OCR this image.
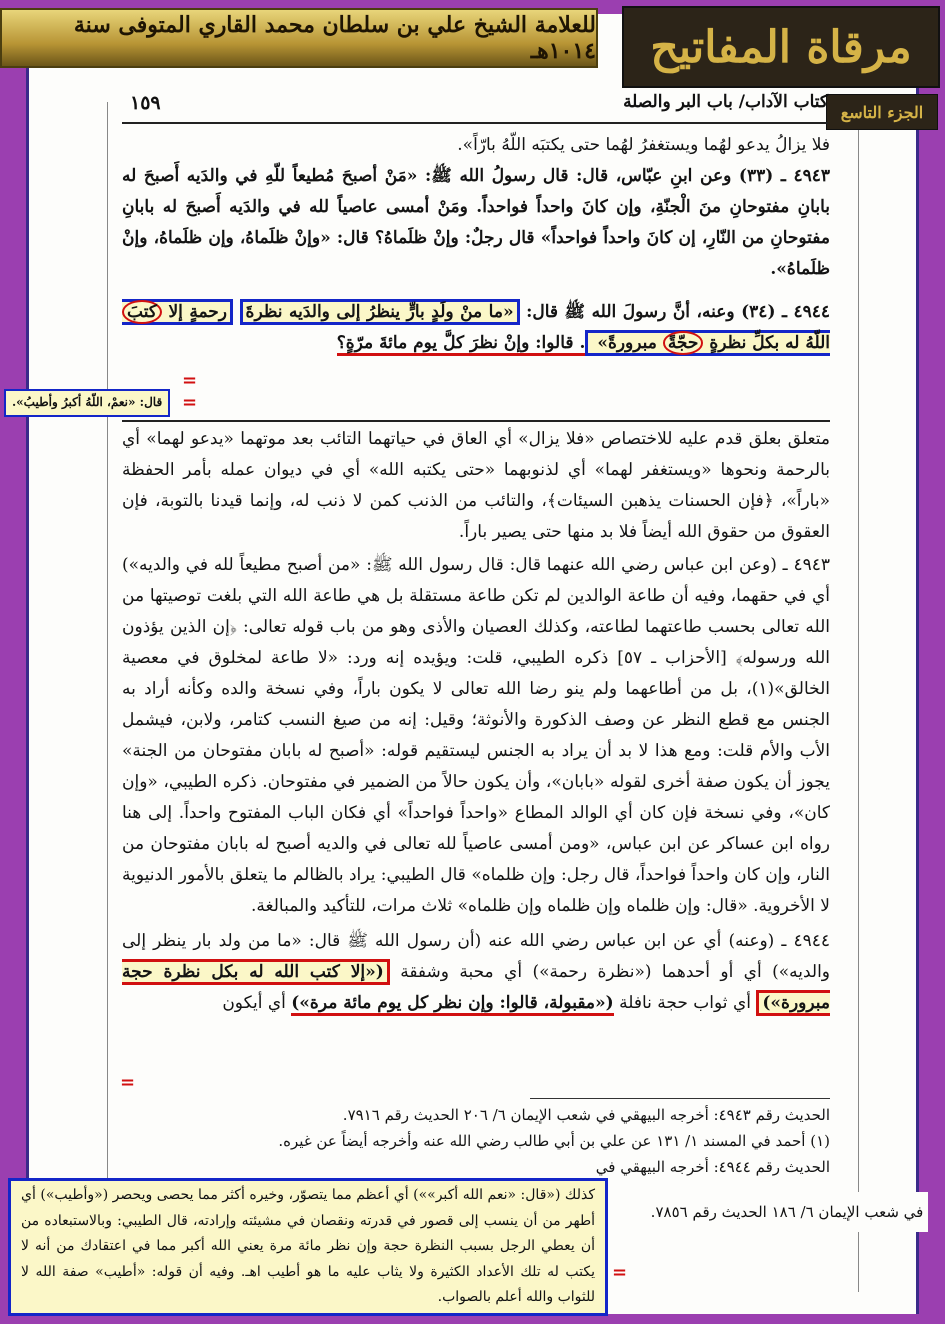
للعلامة الشيخ علي بن سلطان محمد القاري المتوفى سنة ١٠١٤هـ	مرقاة المفاتيح
الجزء التاسع
كتاب الآداب/ باب البر والصلة
١٥٩

فلا يزالُ يدعو لهُما ويستغفرُ لهُما حتى يكتبَه اللّهُ بارّاً».

٤٩٤٣ ـ (٣٣) وعن ابنِ عبّاس، قال: قال رسولُ الله ﷺ: «مَنْ أصبحَ مُطيعاً للّهِ في والدَيه أَصبحَ له بابانِ مفتوحانِ منَ الْجنّةِ، وإن كانَ واحداً فواحداً. ومَنْ أمسى عاصياً لله في والدَيه أَصبحَ له بابانِ مفتوحانِ من النّارِ، إن كانَ واحداً فواحداً» قال رجلٌ: وإنْ ظلَماهُ؟ قال: «وإنْ ظلَماهُ، وإن ظلَماهُ، وإنْ ظلَماهُ».

٤٩٤٤ ـ (٣٤) وعنه، أنَّ رسولَ الله ﷺ قال: «ما منْ ولَدٍ بارٍّ ينظرُ إلى والدَيه نظرةَ رحمةٍ إلا كتبَ اللّهُ له بكلِّ نظرةٍ حجّةً مبرورةً» . قالوا: وإنْ نظرَ كلَّ يوم مائةَ مرّةٍ؟

قال: «نعمْ، اللّهُ أكبرُ وأطيبُ».
=
=

متعلق بعلق قدم عليه للاختصاص «فلا يزال» أي العاق في حياتهما التائب بعد موتهما «يدعو لهما» أي بالرحمة ونحوها «ويستغفر لهما» أي لذنوبهما «حتى يكتبه الله» أي في ديوان عمله بأمر الحفظة «باراً»، ﴿فإن الحسنات يذهبن السيئات﴾، والتائب من الذنب كمن لا ذنب له، وإنما قيدنا بالتوبة، فإن العقوق من حقوق الله أيضاً فلا بد منها حتى يصير باراً.

٤٩٤٣ ـ (وعن ابن عباس رضي الله عنهما قال: قال رسول الله ﷺ: «من أصبح مطيعاً لله في والديه») أي في حقهما، وفيه أن طاعة الوالدين لم تكن طاعة مستقلة بل هي طاعة الله التي بلغت توصيتها من الله تعالى بحسب طاعتهما لطاعته، وكذلك العصيان والأذى وهو من باب قوله تعالى: ﴿إن الذين يؤذون الله ورسوله﴾ [الأحزاب ـ ٥٧] ذكره الطيبي، قلت: ويؤيده إنه ورد: «لا طاعة لمخلوق في معصية الخالق»(١)، بل من أطاعهما ولم ينو رضا الله تعالى لا يكون باراً، وفي نسخة والده وكأنه أراد به الجنس مع قطع النظر عن وصف الذكورة والأنوثة؛ وقيل: إنه من صيغ النسب كتامر، ولابن، فيشمل الأب والأم قلت: ومع هذا لا بد أن يراد به الجنس ليستقيم قوله: «أصبح له بابان مفتوحان من الجنة» يجوز أن يكون صفة أخرى لقوله «بابان»، وأن يكون حالاً من الضمير في مفتوحان. ذكره الطيبي، «وإن كان»، وفي نسخة فإن كان أي الوالد المطاع «واحداً فواحداً» أي فكان الباب المفتوح واحداً. إلى هنا رواه ابن عساكر عن ابن عباس، «ومن أمسى عاصياً لله تعالى في والديه أصبح له بابان مفتوحان من النار، وإن كان واحداً فواحداً، قال رجل: وإن ظلماه» قال الطيبي: يراد بالظالم ما يتعلق بالأمور الدنيوية لا الأخروية. «قال: وإن ظلماه وإن ظلماه وإن ظلماه» ثلاث مرات، للتأكيد والمبالغة.

٤٩٤٤ ـ (وعنه) أي عن ابن عباس رضي الله عنه (أن رسول الله ﷺ قال: «ما من ولد بار ينظر إلى والديه») أي أو أحدهما («نظرة رحمة») أي محبة وشفقة («إلا كتب الله له بكل نظرة حجة مبرورة») أي ثواب حجة نافلة («مقبولة، قالوا: وإن نظر كل يوم مائة مرة») أي أيكون

=

الحديث رقم ٤٩٤٣: أخرجه البيهقي في شعب الإيمان ٦/ ٢٠٦ الحديث رقم ٧٩١٦.

(١) أحمد في المسند ١/ ١٣١ عن علي بن أبي طالب رضي الله عنه وأخرجه أيضاً عن غيره.

الحديث رقم ٤٩٤٤: أخرجه البيهقي في

في شعب الإيمان ٦/ ١٨٦ الحديث رقم ٧٨٥٦.
كذلك («قال: «نعم الله أكبر»») أي أعظم مما يتصوّر، وخيره أكثر مما يحصى ويحصر («وأطيب») أي أطهر من أن ينسب إلى قصور في قدرته ونقصان في مشيئته وإرادته، قال الطيبي: وبالاستبعاده من أن يعطي الرجل بسبب النظرة حجة وإن نظر مائة مرة يعني الله أكبر مما في اعتقادك من أنه لا يكتب له تلك الأعداد الكثيرة ولا يثاب عليه ما هو أطيب اهـ. وفيه أن قوله: «أطيب» صفة الله لا للثواب والله أعلم بالصواب.
=
